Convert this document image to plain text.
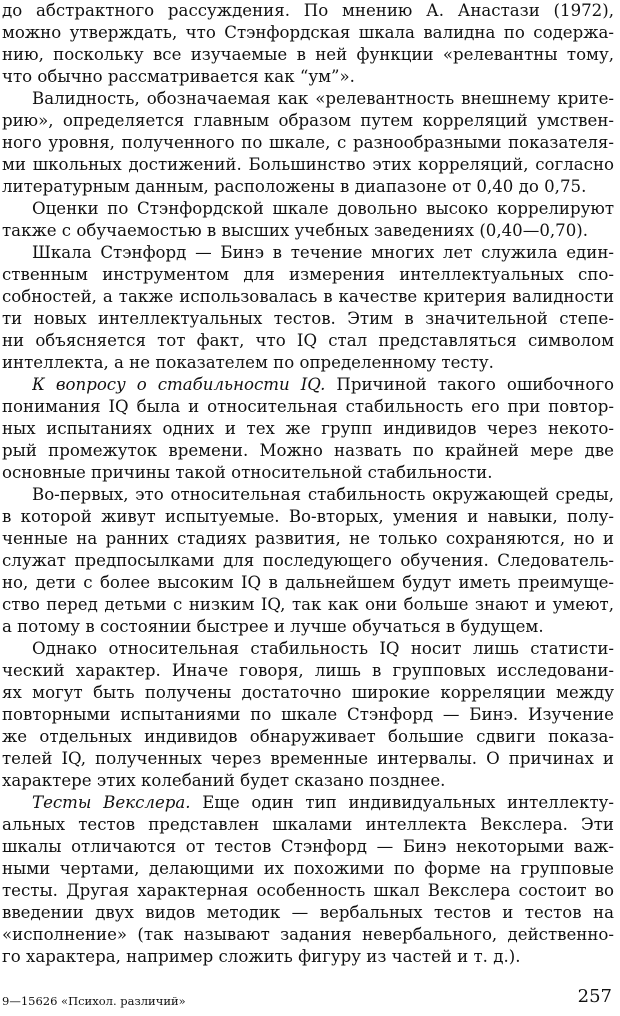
до абстрактного рассуждения. По мнению А. Анастази (1972),
можно утверждать, что Стэнфордская шкала валидна по содержа-
нию, поскольку все изучаемые в ней функции «релевантны тому,
что обычно рассматривается как “ум”».
Валидность, обозначаемая как «релевантность внешнему крите-
рию», определяется главным образом путем корреляций умствен-
ного уровня, полученного по шкале, с разнообразными показателя-
ми школьных достижений. Большинство этих корреляций, согласно
литературным данным, расположены в диапазоне от 0,40 до 0,75.
Оценки по Стэнфордской шкале довольно высоко коррелируют
также с обучаемостью в высших учебных заведениях (0,40—0,70).
Шкала Стэнфорд — Бинэ в течение многих лет служила един-
ственным инструментом для измерения интеллектуальных спо-
собностей, а также использовалась в качестве критерия валидности
ти новых интеллектуальных тестов. Этим в значительной степе-
ни объясняется тот факт, что IQ стал представляться символом
интеллекта, а не показателем по определенному тесту.
К вопросу о стабильности IQ. Причиной такого ошибочного
понимания IQ была и относительная стабильность его при повтор-
ных испытаниях одних и тех же групп индивидов через некото-
рый промежуток времени. Можно назвать по крайней мере две
основные причины такой относительной стабильности.
Во-первых, это относительная стабильность окружающей среды,
в которой живут испытуемые. Во-вторых, умения и навыки, полу-
ченные на ранних стадиях развития, не только сохраняются, но и
служат предпосылками для последующего обучения. Следователь-
но, дети с более высоким IQ в дальнейшем будут иметь преимуще-
ство перед детьми с низким IQ, так как они больше знают и умеют,
а потому в состоянии быстрее и лучше обучаться в будущем.
Однако относительная стабильность IQ носит лишь статисти-
ческий характер. Иначе говоря, лишь в групповых исследовани-
ях могут быть получены достаточно широкие корреляции между
повторными испытаниями по шкале Стэнфорд — Бинэ. Изучение
же отдельных индивидов обнаруживает большие сдвиги показа-
телей IQ, полученных через временные интервалы. О причинах и
характере этих колебаний будет сказано позднее.
Тесты Векслера. Еще один тип индивидуальных интеллекту-
альных тестов представлен шкалами интеллекта Векслера. Эти
шкалы отличаются от тестов Стэнфорд — Бинэ некоторыми важ-
ными чертами, делающими их похожими по форме на групповые
тесты. Другая характерная особенность шкал Векслера состоит во
введении двух видов методик — вербальных тестов и тестов на
«исполнение» (так называют задания невербального, действенно-
го характера, например сложить фигуру из частей и т. д.).
9—15626 «Психол. различий»	257
